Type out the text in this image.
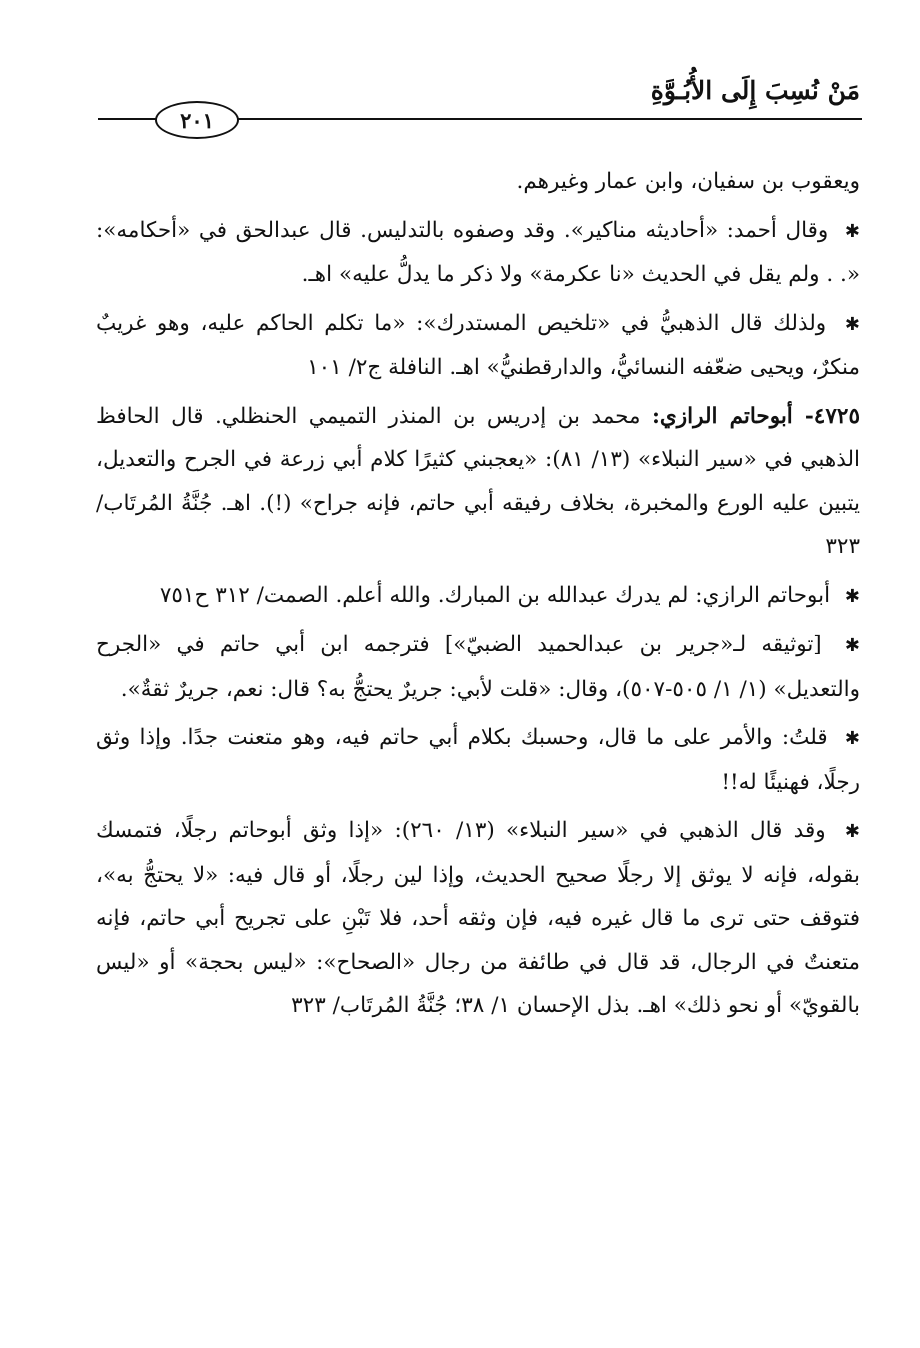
مَنْ نُسِبَ إِلَى الأُبُـوَّةِ
٢٠١

ويعقوب بن سفيان، وابن عمار وغيرهم.

✱ وقال أحمد: «أحاديثه مناكير». وقد وصفوه بالتدليس. قال عبدالحق في «أحكامه»: «. . ولم يقل في الحديث «نا عكرمة» ولا ذكر ما يدلُّ عليه» اهـ.

✱ ولذلك قال الذهبيُّ في «تلخيص المستدرك»: «ما تكلم الحاكم عليه، وهو غريبٌ منكرٌ، ويحيى ضعّفه النسائيُّ، والدارقطنيُّ» اهـ. النافلة ج٢/ ١٠١

٤٧٢٥- أبوحاتم الرازي: محمد بن إدريس بن المنذر التميمي الحنظلي. قال الحافظ الذهبي في «سير النبلاء» (١٣/ ٨١): «يعجبني كثيرًا كلام أبي زرعة في الجرح والتعديل، يتبين عليه الورع والمخبرة، بخلاف رفيقه أبي حاتم، فإنه جراح» (!). اهـ. جُنَّةُ المُرتَاب/ ٣٢٣

✱ أبوحاتم الرازي: لم يدرك عبدالله بن المبارك. والله أعلم. الصمت/ ٣١٢ ح٧٥١

✱ [توثيقه لـ«جرير بن عبدالحميد الضبيّ»] فترجمه ابن أبي حاتم في «الجرح والتعديل» (١/ ١/ ٥٠٥-٥٠٧)، وقال: «قلت لأبي: جريرٌ يحتجُّ به؟ قال: نعم، جريرٌ ثقةٌ».

✱ قلتُ: والأمر على ما قال، وحسبك بكلام أبي حاتم فيه، وهو متعنت جدًا. وإذا وثق رجلًا، فهنيئًا له!!

✱ وقد قال الذهبي في «سير النبلاء» (١٣/ ٢٦٠): «إذا وثق أبوحاتم رجلًا، فتمسك بقوله، فإنه لا يوثق إلا رجلًا صحيح الحديث، وإذا لين رجلًا، أو قال فيه: «لا يحتجُّ به»، فتوقف حتى ترى ما قال غيره فيه، فإن وثقه أحد، فلا تَبْنِ على تجريح أبي حاتم، فإنه متعنتٌ في الرجال، قد قال في طائفة من رجال «الصحاح»: «ليس بحجة» أو «ليس بالقويّ» أو نحو ذلك» اهـ. بذل الإحسان ١/ ٣٨؛ جُنَّةُ المُرتَاب/ ٣٢٣
